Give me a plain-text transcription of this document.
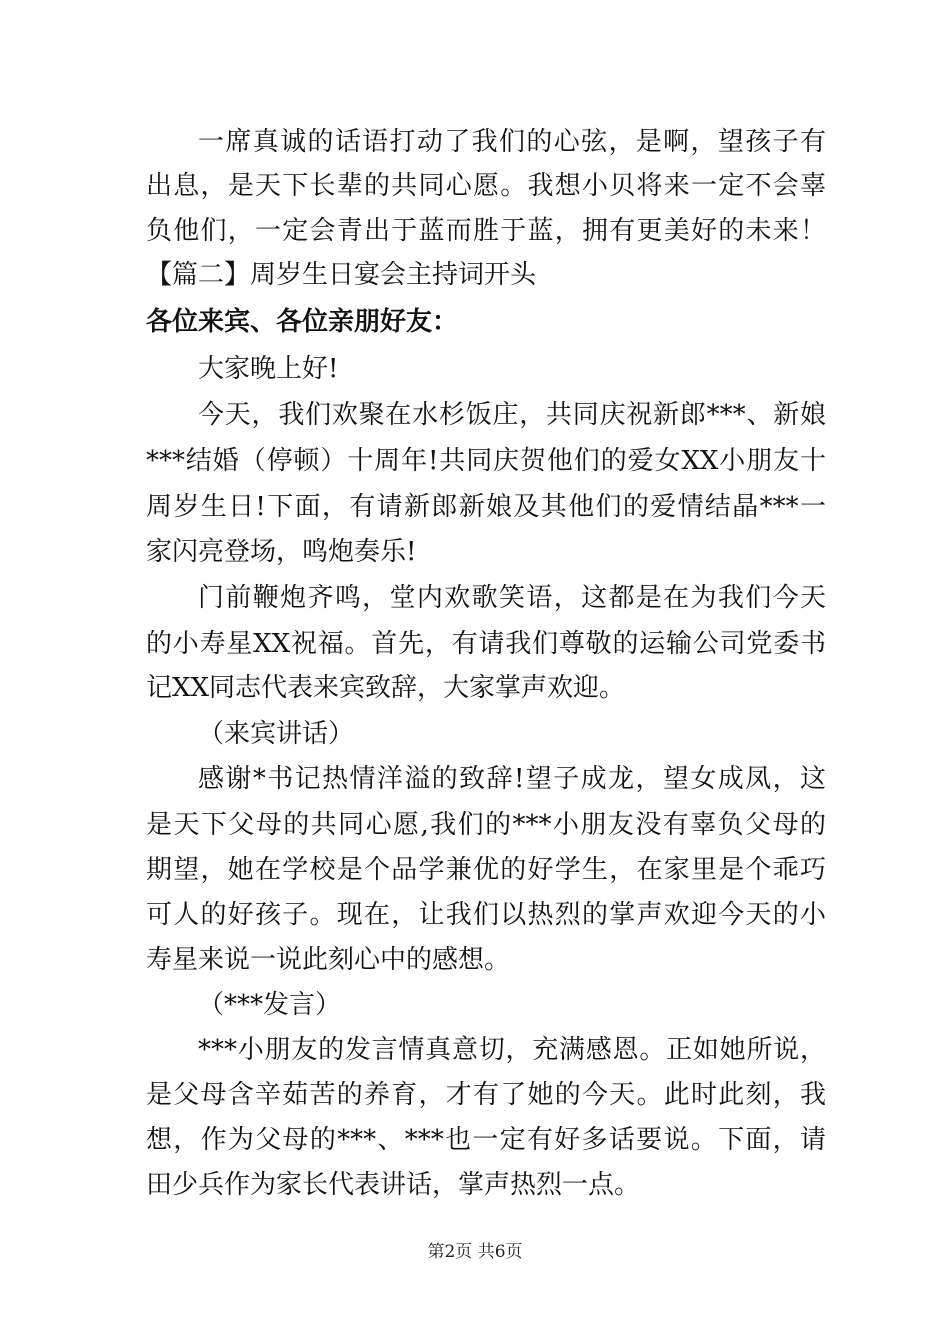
一席真诚的话语打动了我们的心弦，是啊，望孩子有
出息，是天下长辈的共同心愿。我想小贝将来一定不会辜
负他们，一定会青出于蓝而胜于蓝，拥有更美好的未来！
【篇二】周岁生日宴会主持词开头
各位来宾、各位亲朋好友：
大家晚上好!
今天，我们欢聚在水杉饭庄，共同庆祝新郎***、新娘
***结婚（停顿）十周年!共同庆贺他们的爱女XX小朋友十
周岁生日!下面，有请新郎新娘及其他们的爱情结晶***一
家闪亮登场，鸣炮奏乐!
门前鞭炮齐鸣，堂内欢歌笑语，这都是在为我们今天
的小寿星XX祝福。首先，有请我们尊敬的运输公司党委书
记XX同志代表来宾致辞，大家掌声欢迎。
（来宾讲话）
感谢*书记热情洋溢的致辞!望子成龙，望女成凤，这
是天下父母的共同心愿,我们的***小朋友没有辜负父母的
期望，她在学校是个品学兼优的好学生，在家里是个乖巧
可人的好孩子。现在，让我们以热烈的掌声欢迎今天的小
寿星来说一说此刻心中的感想。
（***发言）
***小朋友的发言情真意切，充满感恩。正如她所说，
是父母含辛茹苦的养育，才有了她的今天。此时此刻，我
想，作为父母的***、***也一定有好多话要说。下面，请
田少兵作为家长代表讲话，掌声热烈一点。
第2页 共6页
